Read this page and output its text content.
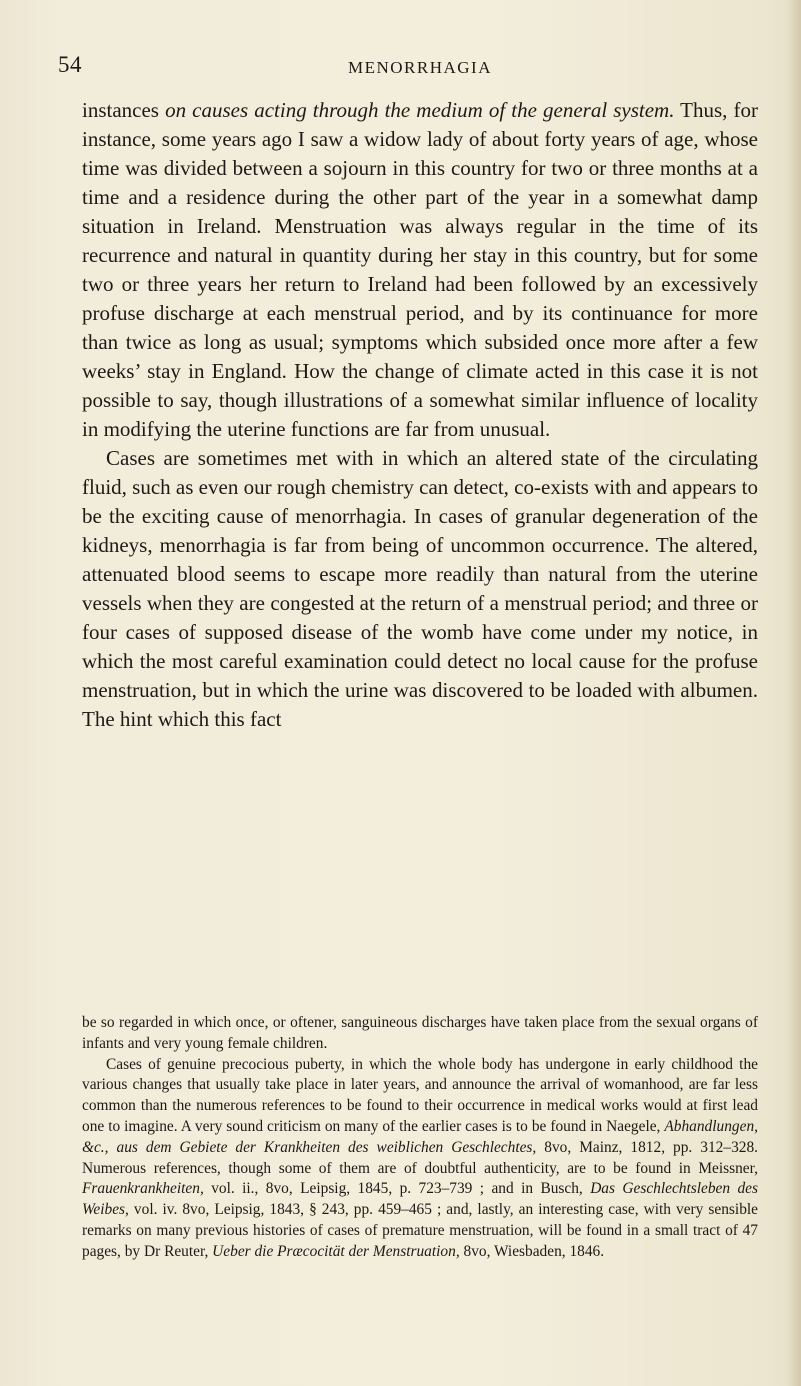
54	MENORRHAGIA

instances on causes acting through the medium of the general system. Thus, for instance, some years ago I saw a widow lady of about forty years of age, whose time was divided between a sojourn in this country for two or three months at a time and a residence during the other part of the year in a somewhat damp situation in Ireland. Menstruation was always regular in the time of its recurrence and natural in quantity during her stay in this country, but for some two or three years her return to Ireland had been followed by an excessively profuse discharge at each menstrual period, and by its continuance for more than twice as long as usual; symptoms which subsided once more after a few weeks’ stay in England. How the change of climate acted in this case it is not possible to say, though illustrations of a somewhat similar influence of locality in modifying the uterine functions are far from unusual.

Cases are sometimes met with in which an altered state of the circulating fluid, such as even our rough chemistry can detect, co-exists with and appears to be the exciting cause of menorrhagia. In cases of granular degeneration of the kidneys, menorrhagia is far from being of uncommon occurrence. The altered, attenuated blood seems to escape more readily than natural from the uterine vessels when they are congested at the return of a menstrual period; and three or four cases of supposed disease of the womb have come under my notice, in which the most careful examination could detect no local cause for the profuse menstruation, but in which the urine was discovered to be loaded with albumen. The hint which this fact

be so regarded in which once, or oftener, sanguineous discharges have taken place from the sexual organs of infants and very young female children.

Cases of genuine precocious puberty, in which the whole body has undergone in early childhood the various changes that usually take place in later years, and announce the arrival of womanhood, are far less common than the numerous references to be found to their occurrence in medical works would at first lead one to imagine. A very sound criticism on many of the earlier cases is to be found in Naegele, Abhandlungen, &c., aus dem Gebiete der Krankheiten des weiblichen Geschlechtes, 8vo, Mainz, 1812, pp. 312–328. Numerous references, though some of them are of doubtful authenticity, are to be found in Meissner, Frauenkrankheiten, vol. ii., 8vo, Leipsig, 1845, p. 723–739 ; and in Busch, Das Geschlechtsleben des Weibes, vol. iv. 8vo, Leipsig, 1843, § 243, pp. 459–465 ; and, lastly, an interesting case, with very sensible remarks on many previous histories of cases of premature menstruation, will be found in a small tract of 47 pages, by Dr Reuter, Ueber die Præcocität der Menstruation, 8vo, Wiesbaden, 1846.
